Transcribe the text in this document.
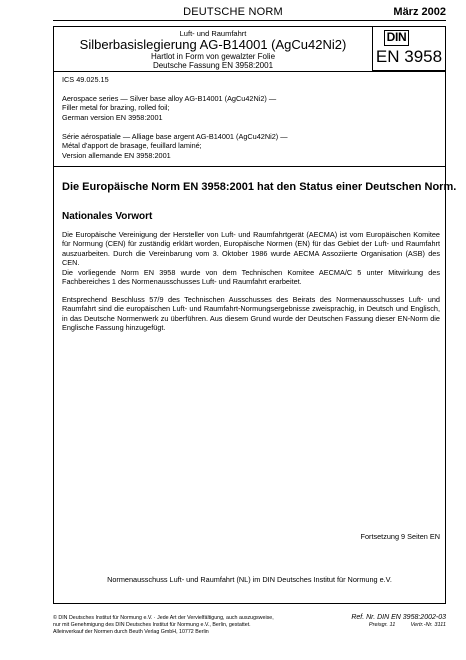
DEUTSCHE NORM	März 2002
Luft- und Raumfahrt
Silberbasislegierung AG-B14001 (AgCu42Ni2)
Hartlot in Form von gewalzter Folie
Deutsche Fassung EN 3958:2001
DIN
EN 3958
ICS 49.025.15
Aerospace series — Silver base alloy AG-B14001 (AgCu42Ni2) —
Filler metal for brazing, rolled foil;
German version EN 3958:2001
Série aérospatiale — Alliage base argent AG-B14001 (AgCu42Ni2) —
Métal d'apport de brasage, feuillard laminé;
Version allemande EN 3958:2001
Die Europäische Norm EN 3958:2001 hat den Status einer Deutschen Norm.
Nationales Vorwort
Die Europäische Vereinigung der Hersteller von Luft- und Raumfahrtgerät (AECMA) ist vom Europäischen Komitee für Normung (CEN) für zuständig erklärt worden, Europäische Normen (EN) für das Gebiet der Luft- und Raumfahrt auszuarbeiten. Durch die Vereinbarung vom 3. Oktober 1986 wurde AECMA Assoziierte Organisation (ASB) des CEN.
Die vorliegende Norm EN 3958 wurde von dem Technischen Komitee AECMA/C 5 unter Mitwirkung des Fachbereiches 1 des Normenausschusses Luft- und Raumfahrt erarbeitet.
Entsprechend Beschluss 57/9 des Technischen Ausschusses des Beirats des Normenausschusses Luft- und Raumfahrt sind die europäischen Luft- und Raumfahrt-Normungsergebnisse zweisprachig, in Deutsch und Englisch, in das Deutsche Normenwerk zu überführen. Aus diesem Grund wurde der Deutschen Fassung dieser EN-Norm die Englische Fassung hinzugefügt.
Fortsetzung 9 Seiten EN
Normenausschuss Luft- und Raumfahrt (NL) im DIN Deutsches Institut für Normung e.V.
© DIN Deutsches Institut für Normung e.V. · Jede Art der Vervielfältigung, auch auszugsweise,
nur mit Genehmigung des DIN Deutsches Institut für Normung e.V., Berlin, gestattet.
Alleinverkauf der Normen durch Beuth Verlag GmbH, 10772 Berlin
Ref. Nr. DIN EN 3958:2002-03
Preisgr. 11	Vertr.-Nr. 3111
